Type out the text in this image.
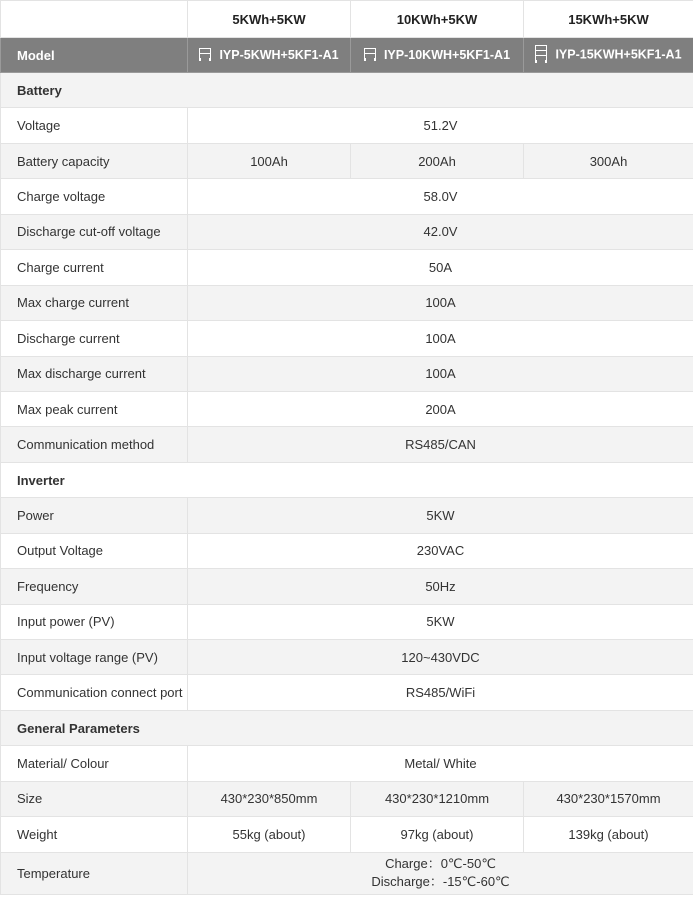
	5KWh+5KW	10KWh+5KW	15KWh+5KW
Model	IYP-5KWH+5KF1-A1	IYP-10KWH+5KF1-A1	IYP-15KWH+5KF1-A1
Battery			
Voltage	51.2V		
Battery capacity	100Ah	200Ah	300Ah
Charge voltage	58.0V		
Discharge cut-off voltage	42.0V		
Charge current	50A		
Max charge current	100A		
Discharge current	100A		
Max discharge current	100A		
Max peak current	200A		
Communication method	RS485/CAN		
Inverter			
Power	5KW		
Output Voltage	230VAC		
Frequency	50Hz		
Input power (PV)	5KW		
Input voltage range (PV)	120~430VDC		
Communication connect port	RS485/WiFi		
General Parameters			
Material/ Colour	Metal/ White		
Size	430*230*850mm	430*230*1210mm	430*230*1570mm
Weight	55kg (about)	97kg (about)	139kg (about)
Temperature	Charge：0℃-50℃
Discharge：-15℃-60℃		
